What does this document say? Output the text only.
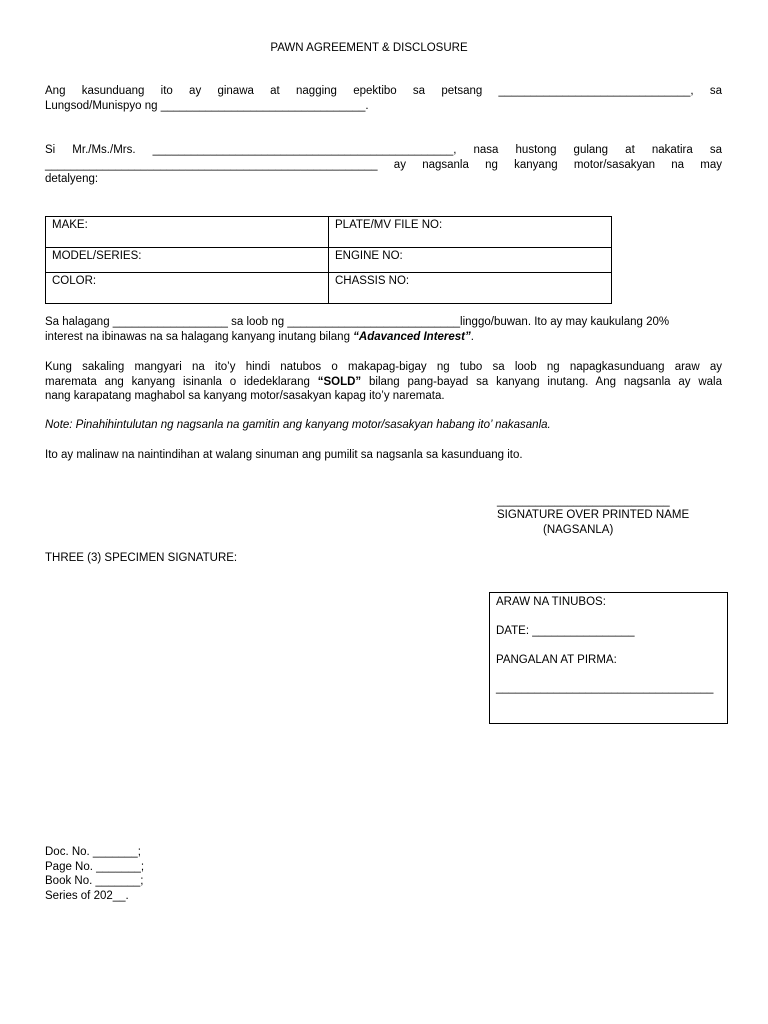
PAWN AGREEMENT & DISCLOSURE
Ang kasunduang ito ay ginawa at nagging epektibo sa petsang ______________________________, sa
Lungsod/Munispyo ng ________________________________.
Si Mr./Ms./Mrs. _______________________________________________, nasa hustong gulang at nakatira sa
____________________________________________________ ay nagsanla ng kanyang motor/sasakyan na may
detalyeng:
MAKE:	PLATE/MV FILE NO:
MODEL/SERIES:	ENGINE NO:
COLOR:	CHASSIS NO:
Sa halagang __________________ sa loob ng ___________________________linggo/buwan. Ito ay may kaukulang 20%
interest na ibinawas na sa halagang kanyang inutang bilang “Adavanced Interest”.
Kung sakaling mangyari na ito’y hindi natubos o makapag-bigay ng tubo sa loob ng napagkasunduang araw ay
maremata ang kanyang isinanla o idedeklarang “SOLD” bilang pang-bayad sa kanyang inutang. Ang nagsanla ay wala
nang karapatang maghabol sa kanyang motor/sasakyan kapag ito’y naremata.
Note: Pinahihintulutan ng nagsanla na gamitin ang kanyang motor/sasakyan habang ito’ nakasanla.
Ito ay malinaw na naintindihan at walang sinuman ang pumilit sa nagsanla sa kasunduang ito.
___________________________
SIGNATURE OVER PRINTED NAME
(NAGSANLA)
THREE (3) SPECIMEN SIGNATURE:
ARAW NA TINUBOS:
DATE: ________________
PANGALAN AT PIRMA:
__________________________________
Doc. No. _______;
Page No. _______;
Book No. _______;
Series of 202__.
